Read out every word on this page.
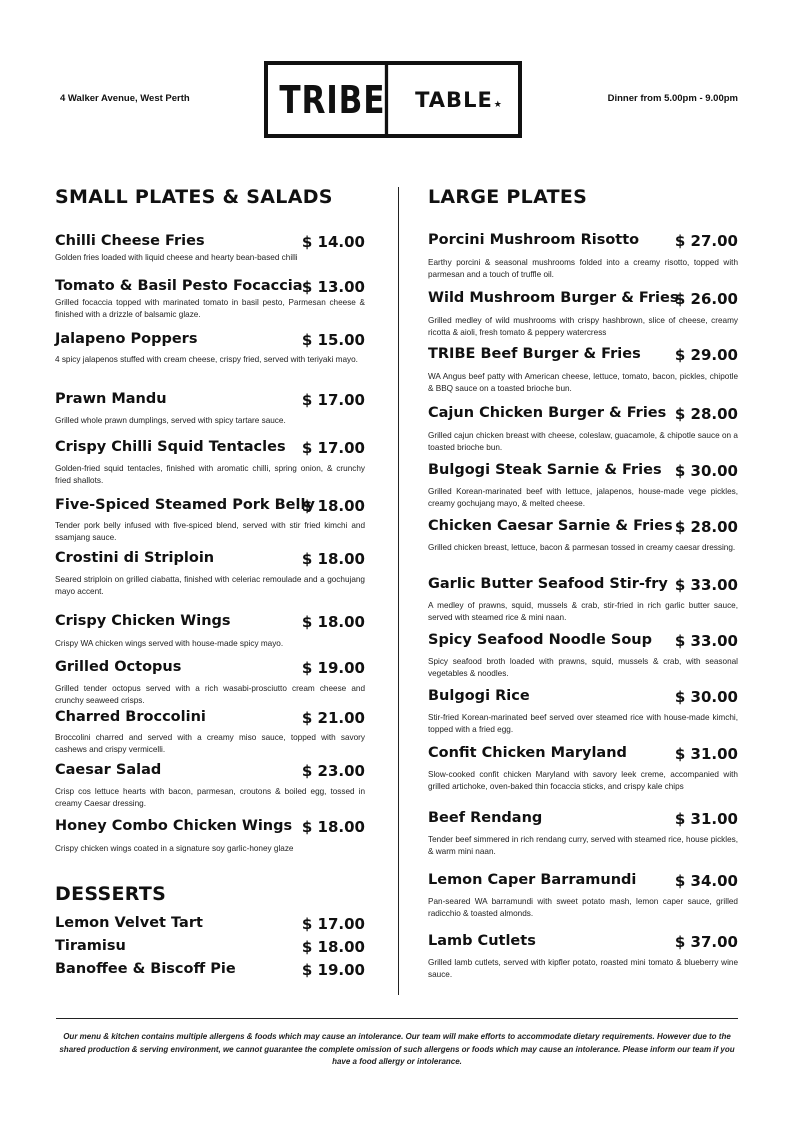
4 Walker Avenue, West Perth TRIBE TABLE ★
Dinner from 5.00pm - 9.00pm
SMALL PLATES & SALADS
Chilli Cheese Fries	$ 14.00
Golden fries loaded with liquid cheese and hearty bean-based chilli
Tomato & Basil Pesto Focaccia $ 13.00
Grilled focaccia topped with marinated tomato in basil pesto, Parmesan cheese & finished with a drizzle of balsamic glaze.
Jalapeno Poppers	$ 15.00
4 spicy jalapenos stuffed with cream cheese, crispy fried, served with teriyaki mayo.
Prawn Mandu	$ 17.00
Grilled whole prawn dumplings, served with spicy tartare sauce.
Crispy Chilli Squid Tentacles $ 17.00
Golden-fried squid tentacles, finished with aromatic chilli, spring onion, & crunchy fried shallots.
Five-Spiced Steamed Pork Belly
$ 18.00
Tender pork belly infused with five-spiced blend, served with stir fried kimchi and ssamjang sauce.
Crostini di Striploin	$ 18.00
Seared striploin on grilled ciabatta, finished with celeriac remoulade and a gochujang mayo accent.
Crispy Chicken Wings	$ 18.00
Crispy WA chicken wings served with house-made spicy mayo.
Grilled Octopus	$ 19.00
Grilled tender octopus served with a rich wasabi-prosciutto cream cheese and crunchy seaweed crisps.
Charred Broccolini	$ 21.00
Broccolini charred and served with a creamy miso sauce, topped with savory cashews and crispy vermicelli.
Caesar Salad	$ 23.00
Crisp cos lettuce hearts with bacon, parmesan, croutons & boiled egg, tossed in creamy Caesar dressing.
Honey Combo Chicken Wings $ 18.00
Crispy chicken wings coated in a signature soy garlic-honey glaze
DESSERTS
Lemon Velvet Tart	$ 17.00
Tiramisu	$ 18.00
Banoffee & Biscoff Pie	$ 19.00
LARGE PLATES
Porcini Mushroom Risotto $ 27.00
Earthy porcini & seasonal mushrooms folded into a creamy risotto, topped with parmesan and a touch of truffle oil.
Wild Mushroom Burger & Fries
$ 26.00
Grilled medley of wild mushrooms with crispy hashbrown, slice of cheese, creamy ricotta & aioli, fresh tomato & peppery watercress
TRIBE Beef Burger & Fries $ 29.00
WA Angus beef patty with American cheese, lettuce, tomato, bacon, pickles, chipotle & BBQ sauce on a toasted brioche bun.
Cajun Chicken Burger & Fries $ 28.00
Grilled cajun chicken breast with cheese, coleslaw, guacamole, & chipotle sauce on a toasted brioche bun.
Bulgogi Steak Sarnie & Fries $ 30.00
Grilled Korean-marinated beef with lettuce, jalapenos, house-made vege pickles, creamy gochujang mayo, & melted cheese.
Chicken Caesar Sarnie & Fries $ 28.00
Grilled chicken breast, lettuce, bacon & parmesan tossed in creamy caesar dressing.
Garlic Butter Seafood Stir-fry $ 33.00
A medley of prawns, squid, mussels & crab, stir-fried in rich garlic butter sauce, served with steamed rice & mini naan.
Spicy Seafood Noodle Soup $ 33.00
Spicy seafood broth loaded with prawns, squid, mussels & crab, with seasonal vegetables & noodles.
Bulgogi Rice	$ 30.00
Stir-fried Korean-marinated beef served over steamed rice with house-made kimchi, topped with a fried egg.
Confit Chicken Maryland	$ 31.00
Slow-cooked confit chicken Maryland with savory leek creme, accompanied with grilled artichoke, oven-baked thin focaccia sticks, and crispy kale chips
Beef Rendang	$ 31.00
Tender beef simmered in rich rendang curry, served with steamed rice, house pickles, & warm mini naan.
Lemon Caper Barramundi	$ 34.00
Pan-seared WA barramundi with sweet potato mash, lemon caper sauce, grilled radicchio & toasted almonds.
Lamb Cutlets	$ 37.00
Grilled lamb cutlets, served with kipfler potato, roasted mini tomato & blueberry wine sauce.
Our menu & kitchen contains multiple allergens & foods which may cause an intolerance. Our team will make efforts to accommodate dietary requirements. However due to the shared production & serving environment, we cannot guarantee the complete omission of such allergens or foods which may cause an intolerance. Please inform our team if you have a food allergy or intolerance.
